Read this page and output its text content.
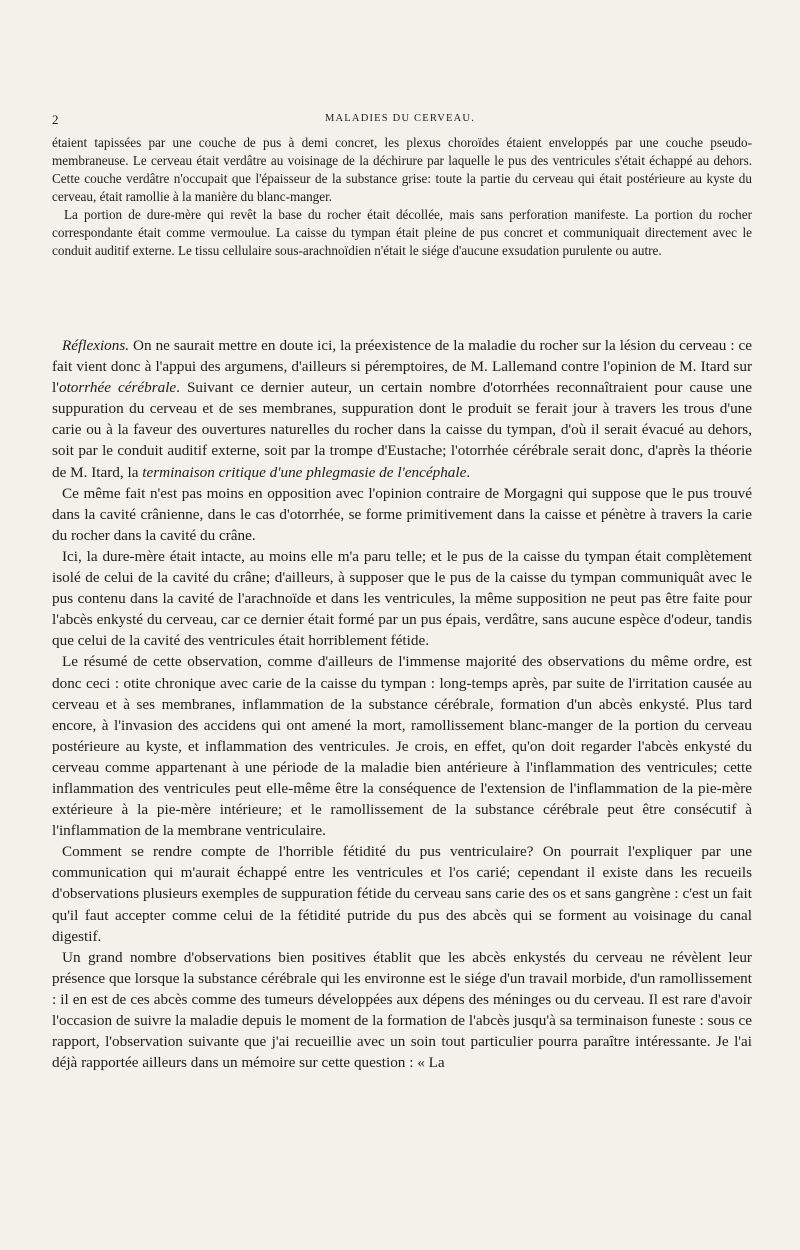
2	MALADIES DU CERVEAU.

étaient tapissées par une couche de pus à demi concret, les plexus choroïdes étaient enveloppés par une couche pseudo-membraneuse. Le cerveau était verdâtre au voisinage de la déchirure par laquelle le pus des ventricules s'était échappé au dehors. Cette couche verdâtre n'occupait que l'épaisseur de la substance grise: toute la partie du cerveau qui était postérieure au kyste du cerveau, était ramollie à la manière du blanc-manger.

La portion de dure-mère qui revêt la base du rocher était décollée, mais sans perforation manifeste. La portion du rocher correspondante était comme vermoulue. La caisse du tympan était pleine de pus concret et communiquait directement avec le conduit auditif externe. Le tissu cellulaire sous-arachnoïdien n'était le siége d'aucune exsudation purulente ou autre.

Réflexions. On ne saurait mettre en doute ici, la préexistence de la maladie du rocher sur la lésion du cerveau : ce fait vient donc à l'appui des argumens, d'ailleurs si péremptoires, de M. Lallemand contre l'opinion de M. Itard sur l'otorrhée cérébrale. Suivant ce dernier auteur, un certain nombre d'otorrhées reconnaîtraient pour cause une suppuration du cerveau et de ses membranes, suppuration dont le produit se ferait jour à travers les trous d'une carie ou à la faveur des ouvertures naturelles du rocher dans la caisse du tympan, d'où il serait évacué au dehors, soit par le conduit auditif externe, soit par la trompe d'Eustache; l'otorrhée cérébrale serait donc, d'après la théorie de M. Itard, la terminaison critique d'une phlegmasie de l'encéphale.

Ce même fait n'est pas moins en opposition avec l'opinion contraire de Morgagni qui suppose que le pus trouvé dans la cavité crânienne, dans le cas d'otorrhée, se forme primitivement dans la caisse et pénètre à travers la carie du rocher dans la cavité du crâne.

Ici, la dure-mère était intacte, au moins elle m'a paru telle; et le pus de la caisse du tympan était complètement isolé de celui de la cavité du crâne; d'ailleurs, à supposer que le pus de la caisse du tympan communiquât avec le pus contenu dans la cavité de l'arachnoïde et dans les ventricules, la même supposition ne peut pas être faite pour l'abcès enkysté du cerveau, car ce dernier était formé par un pus épais, verdâtre, sans aucune espèce d'odeur, tandis que celui de la cavité des ventricules était horriblement fétide.

Le résumé de cette observation, comme d'ailleurs de l'immense majorité des observations du même ordre, est donc ceci : otite chronique avec carie de la caisse du tympan : long-temps après, par suite de l'irritation causée au cerveau et à ses membranes, inflammation de la substance cérébrale, formation d'un abcès enkysté. Plus tard encore, à l'invasion des accidens qui ont amené la mort, ramollissement blanc-manger de la portion du cerveau postérieure au kyste, et inflammation des ventricules. Je crois, en effet, qu'on doit regarder l'abcès enkysté du cerveau comme appartenant à une période de la maladie bien antérieure à l'inflammation des ventricules; cette inflammation des ventricules peut elle-même être la conséquence de l'extension de l'inflammation de la pie-mère extérieure à la pie-mère intérieure; et le ramollissement de la substance cérébrale peut être consécutif à l'inflammation de la membrane ventriculaire.

Comment se rendre compte de l'horrible fétidité du pus ventriculaire? On pourrait l'expliquer par une communication qui m'aurait échappé entre les ventricules et l'os carié; cependant il existe dans les recueils d'observations plusieurs exemples de suppuration fétide du cerveau sans carie des os et sans gangrène : c'est un fait qu'il faut accepter comme celui de la fétidité putride du pus des abcès qui se forment au voisinage du canal digestif.

Un grand nombre d'observations bien positives établit que les abcès enkystés du cerveau ne révèlent leur présence que lorsque la substance cérébrale qui les environne est le siége d'un travail morbide, d'un ramollissement : il en est de ces abcès comme des tumeurs développées aux dépens des méninges ou du cerveau. Il est rare d'avoir l'occasion de suivre la maladie depuis le moment de la formation de l'abcès jusqu'à sa terminaison funeste : sous ce rapport, l'observation suivante que j'ai recueillie avec un soin tout particulier pourra paraître intéressante. Je l'ai déjà rapportée ailleurs dans un mémoire sur cette question : « La
